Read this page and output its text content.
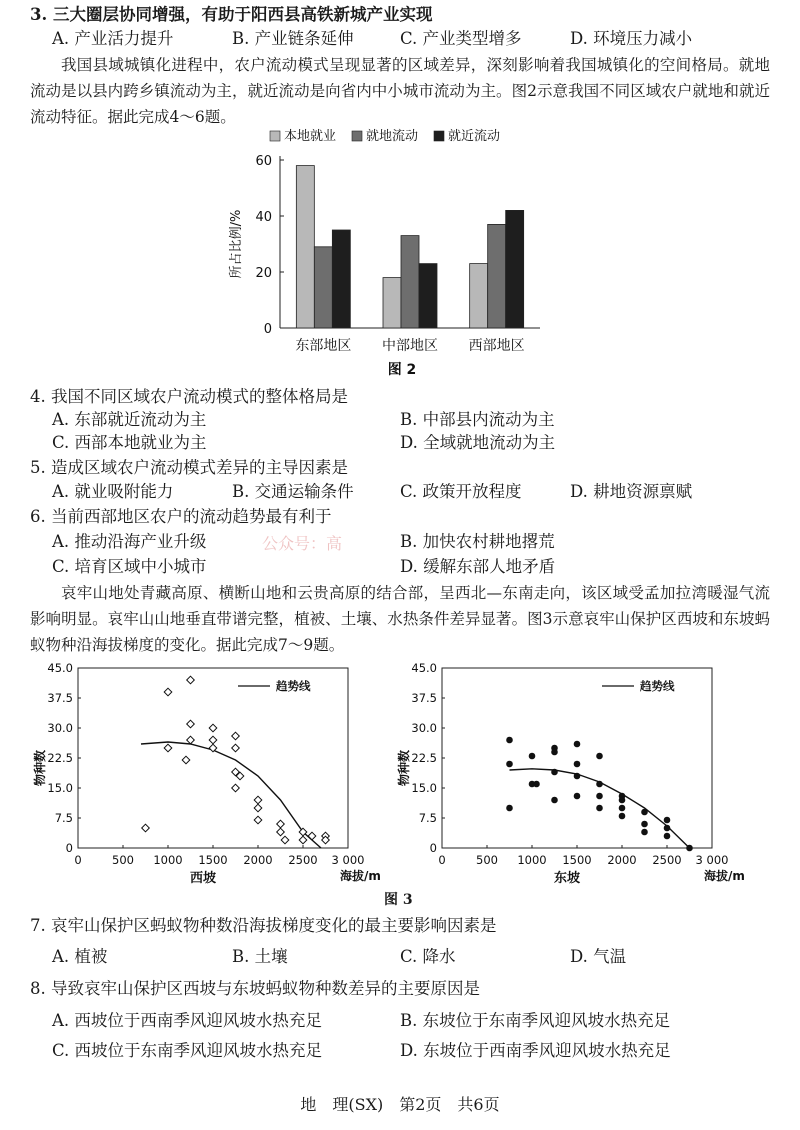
3. 三大圈层协同增强，有助于阳西县高铁新城产业实现
A. 产业活力提升	B. 产业链条延伸	C. 产业类型增多	D. 环境压力减小
我国县域城镇化进程中，农户流动模式呈现显著的区域差异，深刻影响着我国城镇化的空间格局。就地流动是以县内跨乡镇流动为主，就近流动是向省内中小城市流动为主。图2示意我国不同区域农户就地和就近流动特征。据此完成4～6题。
本地就业 就地流动 就近流动
0
20
40
60
所占比例/%
东部地区 中部地区 西部地区
图 2
4. 我国不同区域农户流动模式的整体格局是
A. 东部就近流动为主	B. 中部县内流动为主
C. 西部本地就业为主	D. 全域就地流动为主
5. 造成区域农户流动模式差异的主导因素是
A. 就业吸附能力	B. 交通运输条件	C. 政策开放程度	D. 耕地资源禀赋
6. 当前西部地区农户的流动趋势最有利于
A. 推动沿海产业升级	B. 加快农村耕地撂荒
C. 培育区域中小城市	D. 缓解东部人地矛盾
公众号：高
哀牢山地处青藏高原、横断山地和云贵高原的结合部，呈西北—东南走向，该区域受孟加拉湾暖湿气流影响明显。哀牢山山地垂直带谱完整，植被、土壤、水热条件差异显著。图3示意哀牢山保护区西坡和东坡蚂蚁物种沿海拔梯度的变化。据此完成7～9题。
0
7.5
15.0
22.5
30.0
37.5
45.0
0	500 1000 1500 2000 2500 3 000
物种数
海拔/m
西坡
趋势线
0
7.5
15.0
22.5
30.0
37.5
45.0
0	500 1000 1500 2000 2500 3 000
物种数
海拔/m
东坡
趋势线
图 3
7. 哀牢山保护区蚂蚁物种数沿海拔梯度变化的最主要影响因素是
A. 植被	B. 土壤	C. 降水	D. 气温
8. 导致哀牢山保护区西坡与东坡蚂蚁物种数差异的主要原因是
A. 西坡位于西南季风迎风坡水热充足	B. 东坡位于东南季风迎风坡水热充足
C. 西坡位于东南季风迎风坡水热充足	D. 东坡位于西南季风迎风坡水热充足
地　理(SX)　第2页　共6页
